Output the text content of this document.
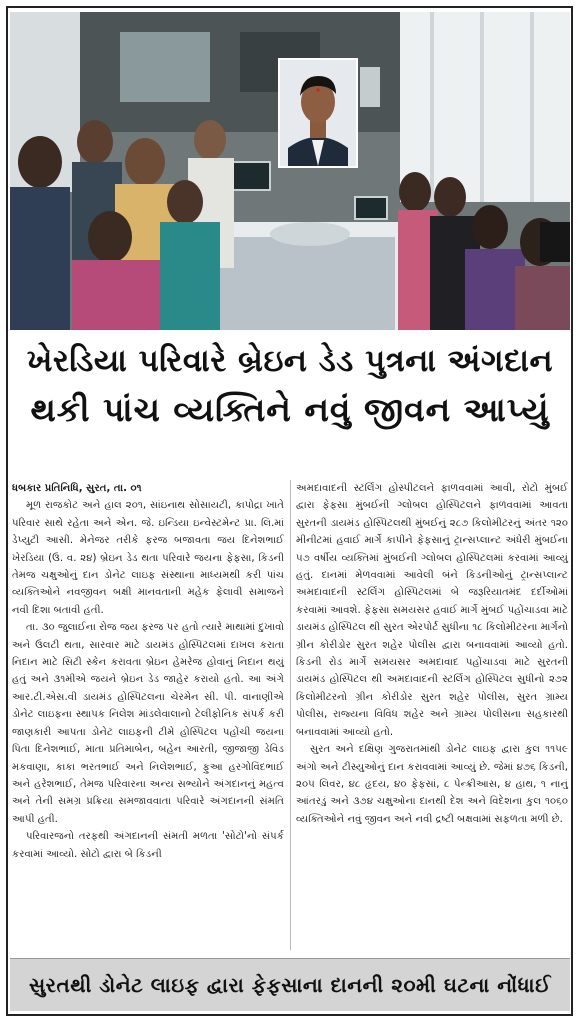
ખેરડિયા પરિવારે બ્રેઇન ડેડ પુત્રના અંગદાન
થકી પાંચ વ્યક્તિને નવું જીવન આપ્યું

ધબકાર પ્રતિનિધિ, સુરત, તા. ૦૧

મૂળ રાજકોટ અને હાલ ૨૦૧, સાંઇનાથ સોસાયટી, કાપોદ્રા ખાતે પરિવાર સાથે રહેતા અને એન. જે. ઇન્ડિયા ઇન્વેસ્ટમેન્ટ પ્રા. લિ.માં ડેપ્યુટી આસી. મેનેજર તરીકે ફરજ બજાવતા જય દિનેશભાઈ ખેરડિયા (ઉ. વ. ૨૪) બ્રેઇન ડેડ થતા પરિવારે જયના ફેફસા, કિડની તેમજ ચક્ષુઓનું દાન ડોનેટ લાઇફ સંસ્થાના માધ્યમથી કરી પાંચ વ્યક્તિઓને નવજીવન બક્ષી માનવતાની મહેક ફેલાવી સમાજને નવી દિશા બતાવી હતી.

તા. ૩૦ જુલાઈના રોજ જય ફરજ પર હતો ત્યારે માથામાં દુખાવો અને ઉલટી થતા, સારવાર માટે ડાયમંડ હોસ્પિટલમાં દાખલ કરાતા નિદાન માટે સિટી સ્કેન કરાવતા બ્રેઇન હેમરેજ હોવાનું નિદાન થયું હતું અને ૩૧મીએ જયને બ્રેઇન ડેડ જાહેર કરાયો હતો. આ અંગે આર.ટી.એસ.વી ડાયમંડ હોસ્પિટલના ચેરમેન સી. પી. વાનાણીએ ડોનેટ લાઇફના સ્થાપક નિલેશ માંડલેવાલાનો ટેલીફોનિક સંપર્ક કરી જાણકારી આપતા ડોનેટ લાઇફની ટીમે હોસ્પિટલ પહોંચી જયના પિતા દિનેશભાઈ, માતા પ્રતિમાબેન, બહેન આરતી, જીજાજી ડેવિડ મકવાણા, કાકા ભરતભાઈ અને નિલેશભાઈ, ફુઆ હરગોવિંદભાઈ અને હરેશભાઈ, તેમજ પરિવારના અન્ય સભ્યોને અંગદાનનું મહત્વ અને તેની સમગ્ર પ્રક્રિયા સમજાવવાતા પરિવારે અંગદાનની સંમતિ આપી હતી.

પરિવારજનો તરફથી અંગદાનની સંમતી મળતા 'સોટો'નો સંપર્ક કરવામાં આવ્યો. સોટો દ્વારા બે કિડની

અમદાવાદની સ્ટર્લિંગ હોસ્પીટલને ફાળવવામાં આવી, રોટો મુંબઈ દ્વારા ફેફસા મુંબઈની ગ્લોબલ હોસ્પિટલને ફાળવવામાં આવતા સુરતની ડાયમંડ હોસ્પિટલથી મુંબઈનું ૨૮૭ કિલોમીટરનું અંતર ૧૨૦ મીનીટમાં હવાઈ માર્ગે કાપીને ફેફસાનું ટ્રાન્સપ્લાન્ટ અંધેરી મુંબઈના ૫૭ વર્ષીય વ્યક્તિમાં મુંબઈની ગ્લોબલ હોસ્પિટલમાં કરવામાં આવ્યું હતું. દાનમાં મેળવવામાં આવેલી બંને કિડનીઓનું ટ્રાન્સપ્લાન્ટ અમદાવાદની સ્ટર્લિંગ હોસ્પિટલમાં બે જરૂરિયાતમંદ દર્દીઓમાં કરવામાં આવશે. ફેફસા સમયસર હવાઈ માર્ગે મુંબઈ પહોંચાડવા માટે ડાયમંડ હોસ્પિટલ થી સુરત એરપોર્ટ સુધીના ૧૮ કિલોમીટરના માર્ગનો ગ્રીન કોરીડોર સુરત શહેર પોલીસ દ્વારા બનાવવામાં આવ્યો હતો. કિડની રોડ માર્ગે સમયસર અમદાવાદ પહોંચાડવા માટે સુરતની ડાયમંડ હોસ્પિટલ થી અમદાવાદની સ્ટર્લિંગ હોસ્પિટલ સુધીનો ૨૭૨ કિલોમીટરનો ગ્રીન કોરીડોર સુરત શહેર પોલીસ, સુરત ગ્રામ્ય પોલીસ, રાજ્યના વિવિધ શહેર અને ગ્રામ્ય પોલીસના સહકારથી બનાવવામાં આવ્યો હતો.

સુરત અને દક્ષિણ ગુજરાતમાંથી ડોનેટ લાઇફ દ્વારા કુલ ૧૧૫૯ અંગો અને ટીસ્યુઓનું દાન કરાવવામાં આવ્યું છે. જેમાં ૪૭૬ કિડની, ૨૦૫ લિવર, ૪૮ હૃદય, ૪૦ ફેફસાં, ૮ પેન્ક્રીઆસ, ૪ હાથ, ૧ નાનું આંતરડું અને ૩૭૪ ચક્ષુઓના દાનથી દેશ અને વિદેશના કુલ ૧૦૬૦ વ્યક્તિઓને નવું જીવન અને નવી દ્રષ્ટી બક્ષવામાં સફળતા મળી છે.

સુરતથી ડોનેટ લાઇફ દ્વારા ફેફસાના દાનની ૨૦મી ઘટના નોંધાઈ
